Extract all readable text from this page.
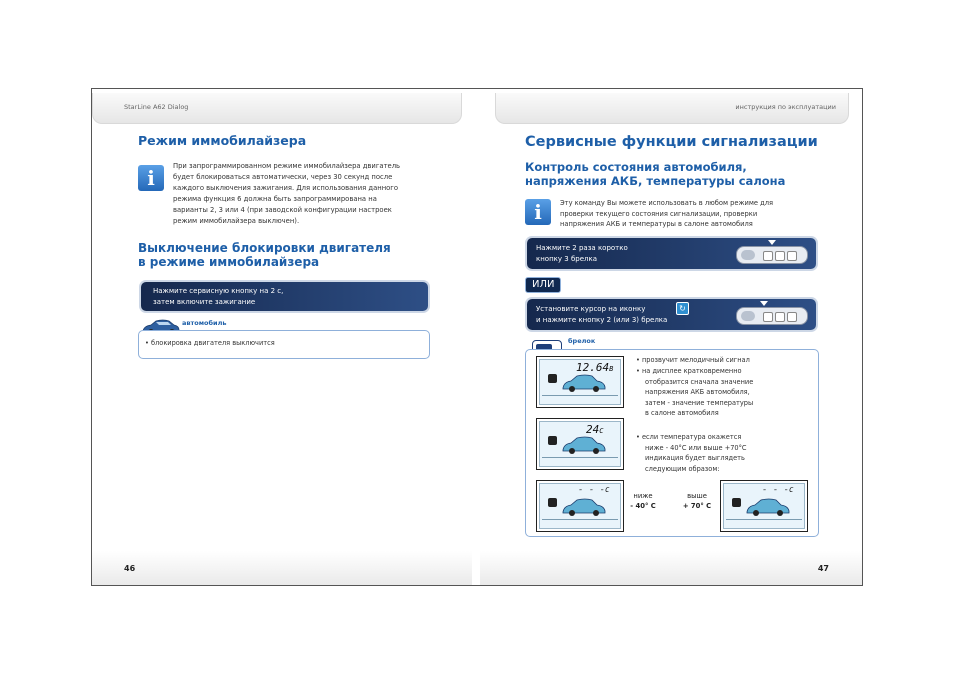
StarLine A62 Dialog
Режим иммобилайзера
i	При запрограммированном режиме иммобилайзера двигатель
будет блокироваться автоматически, через 30 секунд после
каждого выключения зажигания. Для использования данного
режима функция 6 должна быть запрограммирована на
варианты 2, 3 или 4 (при заводской конфигурации настроек
режим иммобилайзера выключен).
Выключение блокировки двигателя
в режиме иммобилайзера
Нажмите сервисную кнопку на 2 с,
затем включите зажигание
автомобиль
• блокировка двигателя выключится
46
инструкция по эксплуатации
Сервисные функции сигнализации
Контроль состояния автомобиля,
напряжения АКБ, температуры салона
i	Эту команду Вы можете использовать в любом режиме для
проверки текущего состояния сигнализации, проверки
напряжения АКБ и температуры в салоне автомобиля
Нажмите 2 раза коротко
кнопку 3 брелка
ИЛИ
Установите курсор на иконку
и нажмите кнопку 2 (или 3) брелка
↻
брелок
12.64В
24С
- - -С
ниже
- 40° С
выше
+ 70° С
- - -С
• прозвучит мелодичный сигнал
• на дисплее кратковременно
отобразится сначала значение
напряжения АКБ автомобиля,
затем - значение температуры
в салоне автомобиля
• если температура окажется
ниже - 40°С или выше +70°С
индикация будет выглядеть
следующим образом:
47
